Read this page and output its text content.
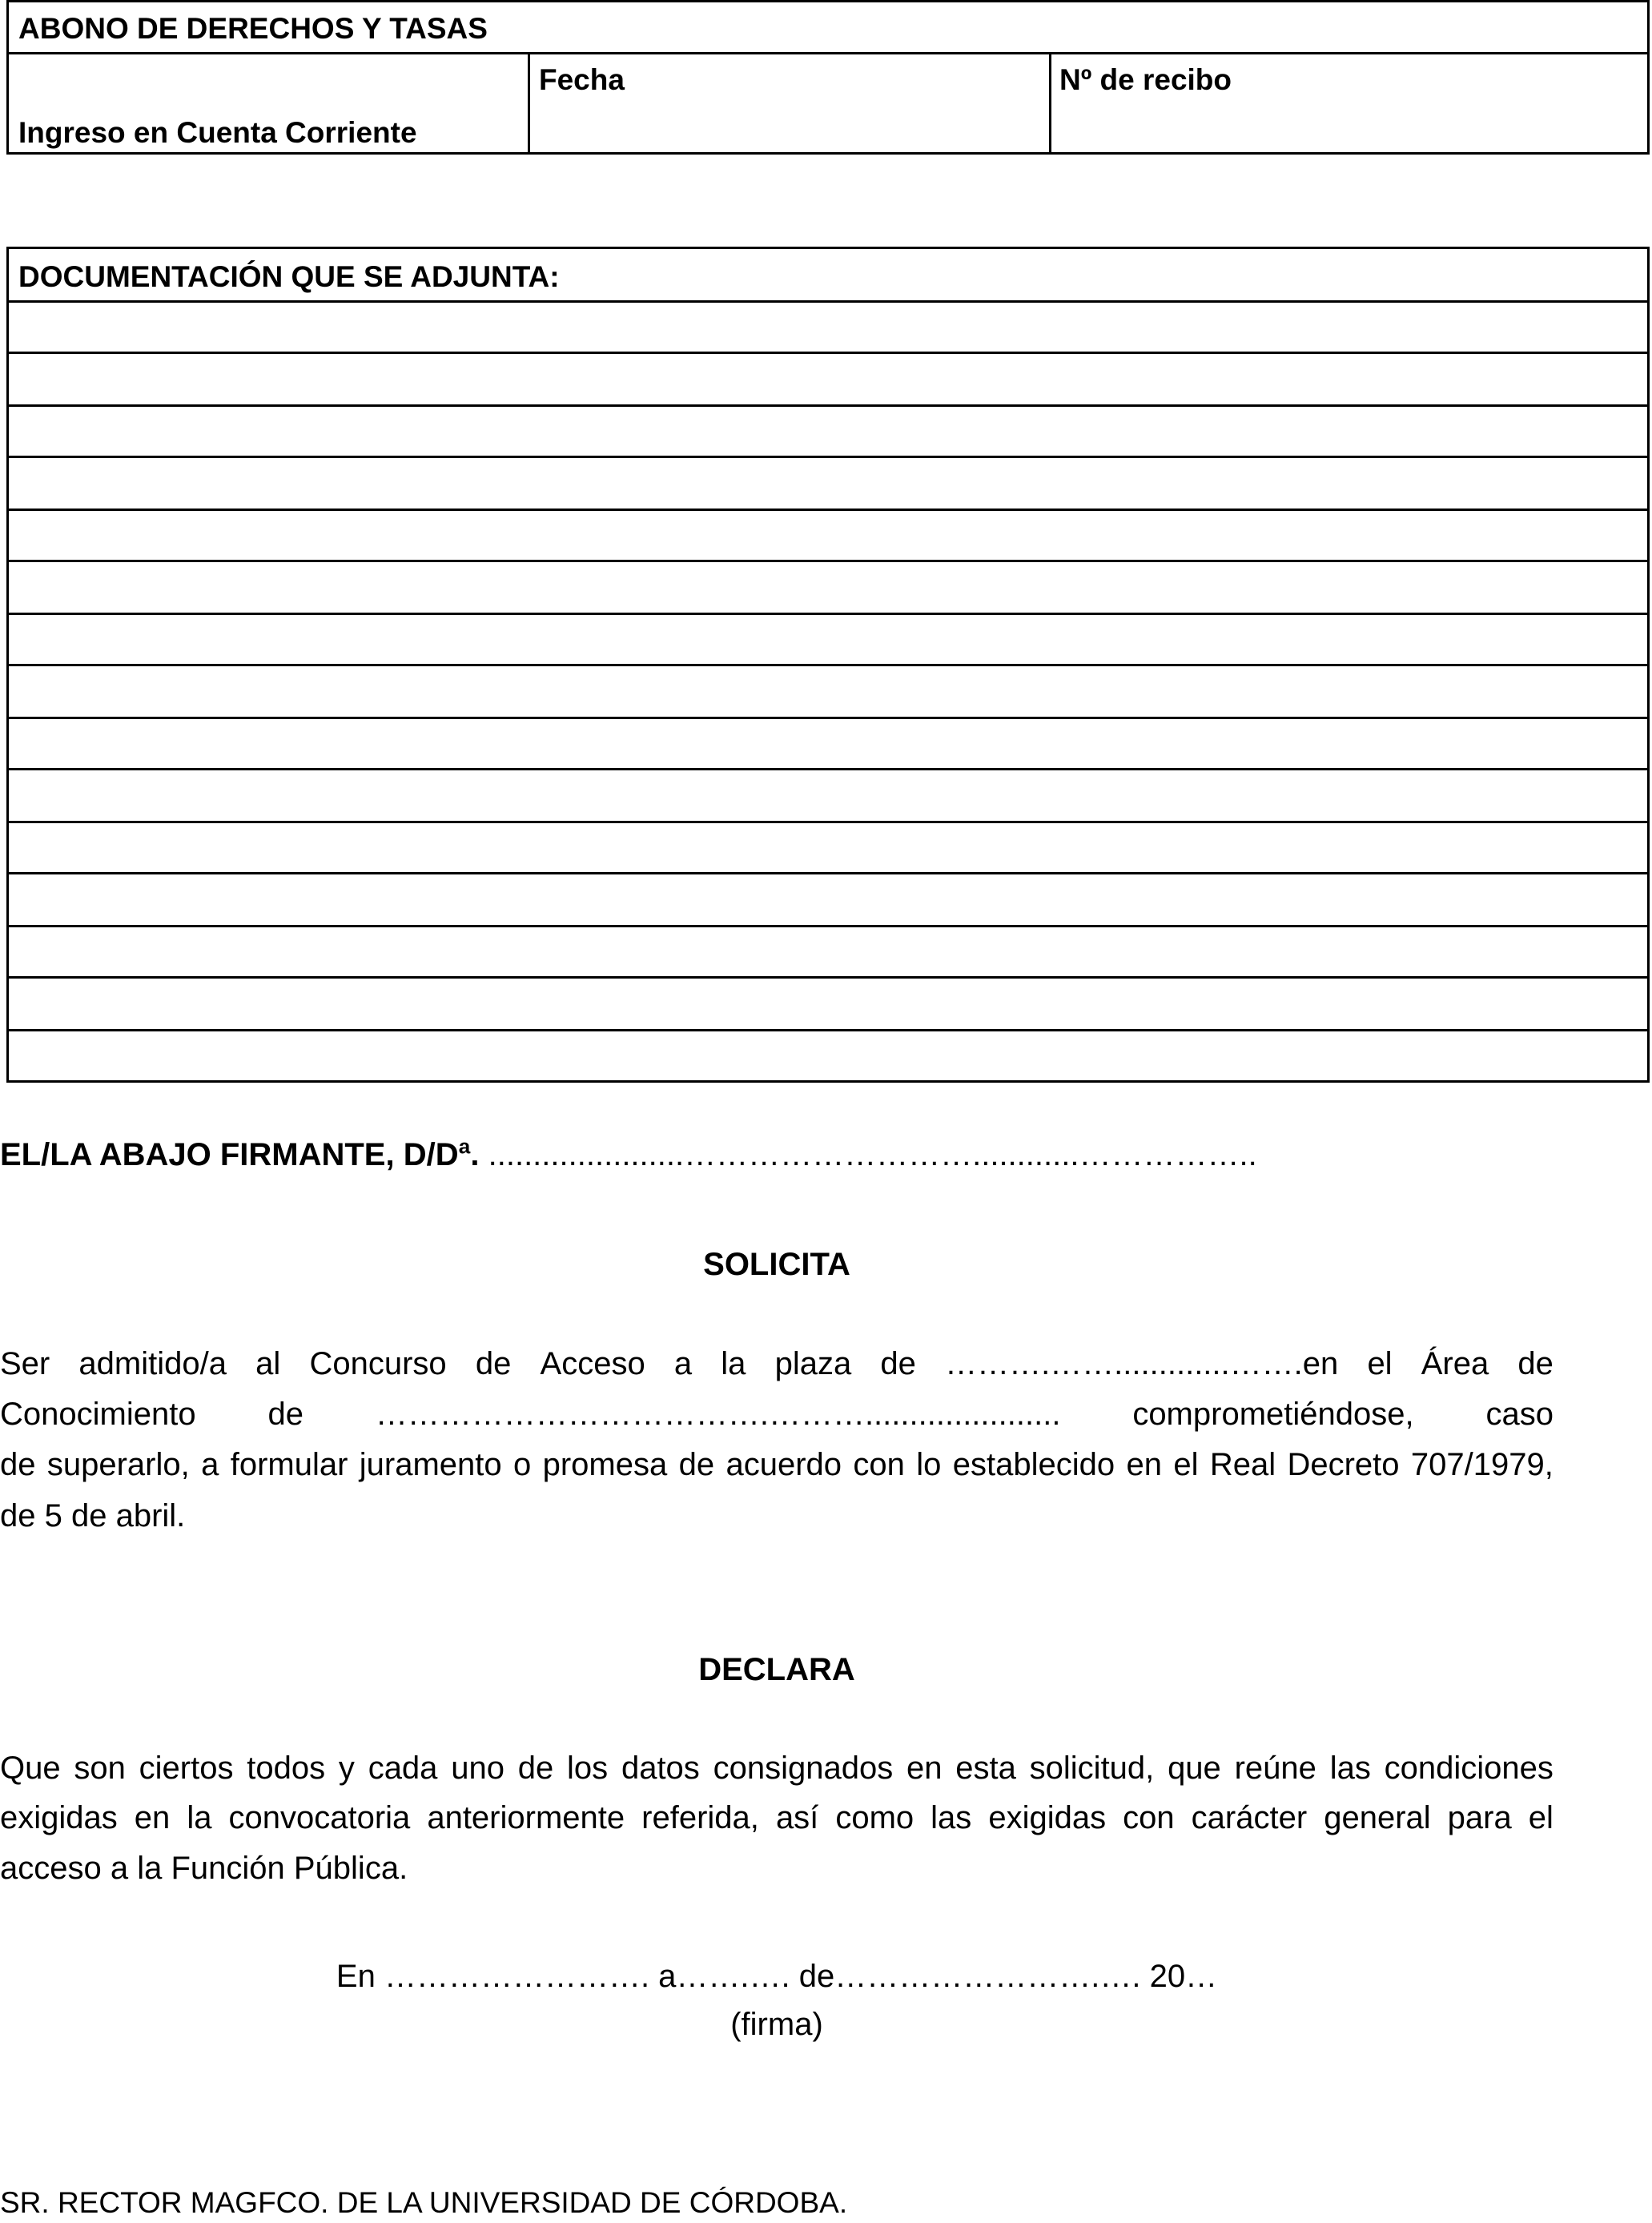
ABONO DE DERECHOS Y TASAS
Fecha	Nº de recibo
Ingreso en Cuenta Corriente
DOCUMENTACIÓN QUE SE ADJUNTA:
EL/LA ABAJO FIRMANTE, D/Dª. ......................………………………............……………..
SOLICITA
Ser admitido/a al Concurso de Acceso a la plaza de ……….…….............…….en el Área de
Conocimiento de ……………………………….………...................... comprometiéndose, caso
de superarlo, a formular juramento o promesa de acuerdo con lo establecido en el Real Decreto 707/1979,
de 5 de abril.
DECLARA
Que son ciertos todos y cada uno de los datos consignados en esta solicitud, que reúne las condiciones
exigidas en la convocatoria anteriormente referida, así como las exigidas con carácter general para el
acceso a la Función Pública.
En ……………………. a…….…. de…………………….…. 20…
(firma)
SR. RECTOR MAGFCO. DE LA UNIVERSIDAD DE CÓRDOBA.
